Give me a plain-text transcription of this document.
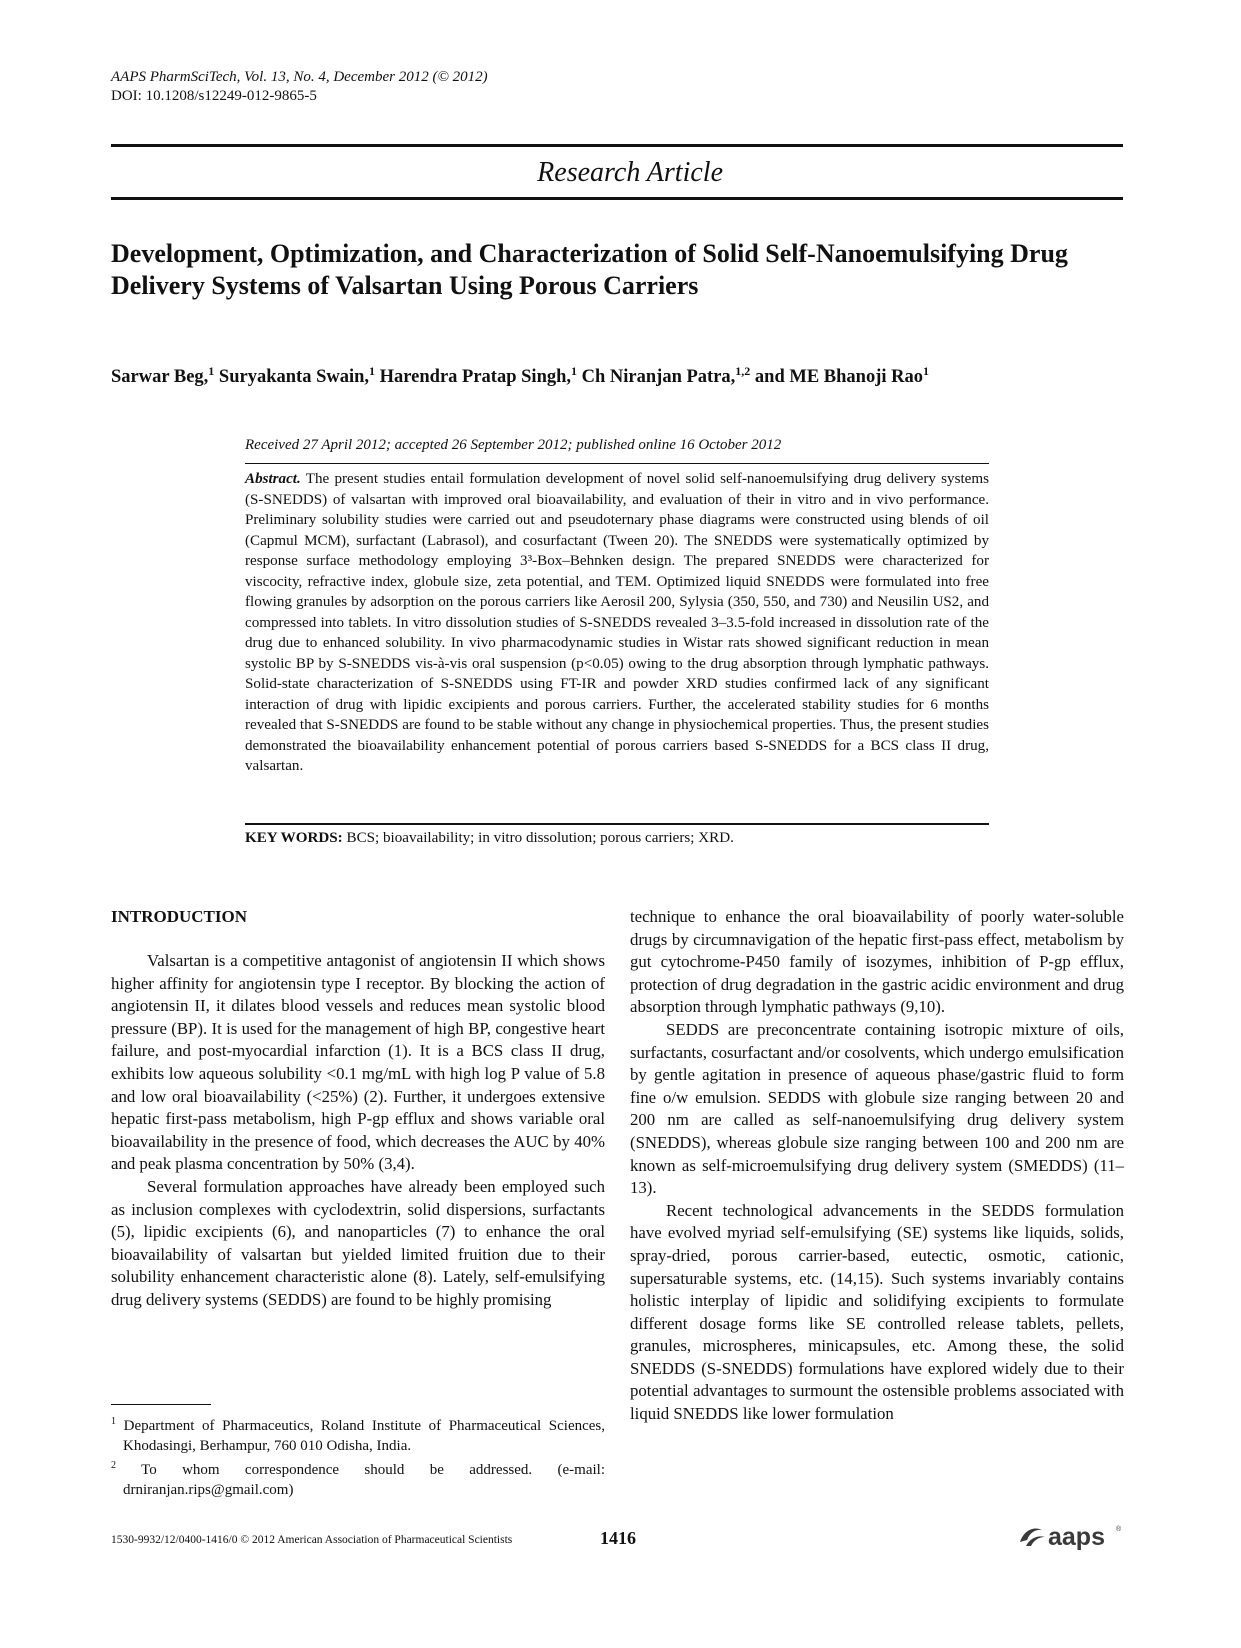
AAPS PharmSciTech, Vol. 13, No. 4, December 2012 (© 2012)
DOI: 10.1208/s12249-012-9865-5
Research Article
Development, Optimization, and Characterization of Solid Self-Nanoemulsifying Drug Delivery Systems of Valsartan Using Porous Carriers
Sarwar Beg,$^1$ Suryakanta Swain,$^1$ Harendra Pratap Singh,$^1$ Ch Niranjan Patra,$^{1,2}$ and ME Bhanoji Rao$^1$
Received 27 April 2012; accepted 26 September 2012; published online 16 October 2012

Abstract. The present studies entail formulation development of novel solid self-nanoemulsifying drug delivery systems (S-SNEDDS) of valsartan with improved oral bioavailability, and evaluation of their in vitro and in vivo performance. Preliminary solubility studies were carried out and pseudoternary phase diagrams were constructed using blends of oil (Capmul MCM), surfactant (Labrasol), and cosurfactant (Tween 20). The SNEDDS were systematically optimized by response surface methodology employing 3³-Box–Behnken design. The prepared SNEDDS were characterized for viscocity, refractive index, globule size, zeta potential, and TEM. Optimized liquid SNEDDS were formulated into free flowing granules by adsorption on the porous carriers like Aerosil 200, Sylysia (350, 550, and 730) and Neusilin US2, and compressed into tablets. In vitro dissolution studies of S-SNEDDS revealed 3–3.5-fold increased in dissolution rate of the drug due to enhanced solubility. In vivo pharmacodynamic studies in Wistar rats showed significant reduction in mean systolic BP by S-SNEDDS vis-à-vis oral suspension (p<0.05) owing to the drug absorption through lymphatic pathways. Solid-state characterization of S-SNEDDS using FT-IR and powder XRD studies confirmed lack of any significant interaction of drug with lipidic excipients and porous carriers. Further, the accelerated stability studies for 6 months revealed that S-SNEDDS are found to be stable without any change in physiochemical properties. Thus, the present studies demonstrated the bioavailability enhancement potential of porous carriers based S-SNEDDS for a BCS class II drug, valsartan.

KEY WORDS: BCS; bioavailability; in vitro dissolution; porous carriers; XRD.
INTRODUCTION

Valsartan is a competitive antagonist of angiotensin II which shows higher affinity for angiotensin type I receptor. By blocking the action of angiotensin II, it dilates blood vessels and reduces mean systolic blood pressure (BP). It is used for the management of high BP, congestive heart failure, and post-myocardial infarction (1). It is a BCS class II drug, exhibits low aqueous solubility <0.1 mg/mL with high log P value of 5.8 and low oral bioavailability (<25%) (2). Further, it undergoes extensive hepatic first-pass metabolism, high P-gp efflux and shows variable oral bioavailability in the presence of food, which decreases the AUC by 40% and peak plasma concentration by 50% (3,4).

Several formulation approaches have already been employed such as inclusion complexes with cyclodextrin, solid dispersions, surfactants (5), lipidic excipients (6), and nanoparticles (7) to enhance the oral bioavailability of valsartan but yielded limited fruition due to their solubility enhancement characteristic alone (8). Lately, self-emulsifying drug delivery systems (SEDDS) are found to be highly promising

technique to enhance the oral bioavailability of poorly water-soluble drugs by circumnavigation of the hepatic first-pass effect, metabolism by gut cytochrome-P450 family of isozymes, inhibition of P-gp efflux, protection of drug degradation in the gastric acidic environment and drug absorption through lymphatic pathways (9,10).

SEDDS are preconcentrate containing isotropic mixture of oils, surfactants, cosurfactant and/or cosolvents, which undergo emulsification by gentle agitation in presence of aqueous phase/gastric fluid to form fine o/w emulsion. SEDDS with globule size ranging between 20 and 200 nm are called as self-nanoemulsifying drug delivery system (SNEDDS), whereas globule size ranging between 100 and 200 nm are known as self-microemulsifying drug delivery system (SMEDDS) (11–13).

Recent technological advancements in the SEDDS formulation have evolved myriad self-emulsifying (SE) systems like liquids, solids, spray-dried, porous carrier-based, eutectic, osmotic, cationic, supersaturable systems, etc. (14,15). Such systems invariably contains holistic interplay of lipidic and solidifying excipients to formulate different dosage forms like SE controlled release tablets, pellets, granules, microspheres, minicapsules, etc. Among these, the solid SNEDDS (S-SNEDDS) formulations have explored widely due to their potential advantages to surmount the ostensible problems associated with liquid SNEDDS like lower formulation

$^1$ Department of Pharmaceutics, Roland Institute of Pharmaceutical Sciences, Khodasingi, Berhampur, 760 010 Odisha, India.

$^2$ To whom correspondence should be addressed. (e-mail: drniranjan.rips@gmail.com)

1530-9932/12/0400-1416/0 © 2012 American Association of Pharmaceutical Scientists	1416	aaps ®
